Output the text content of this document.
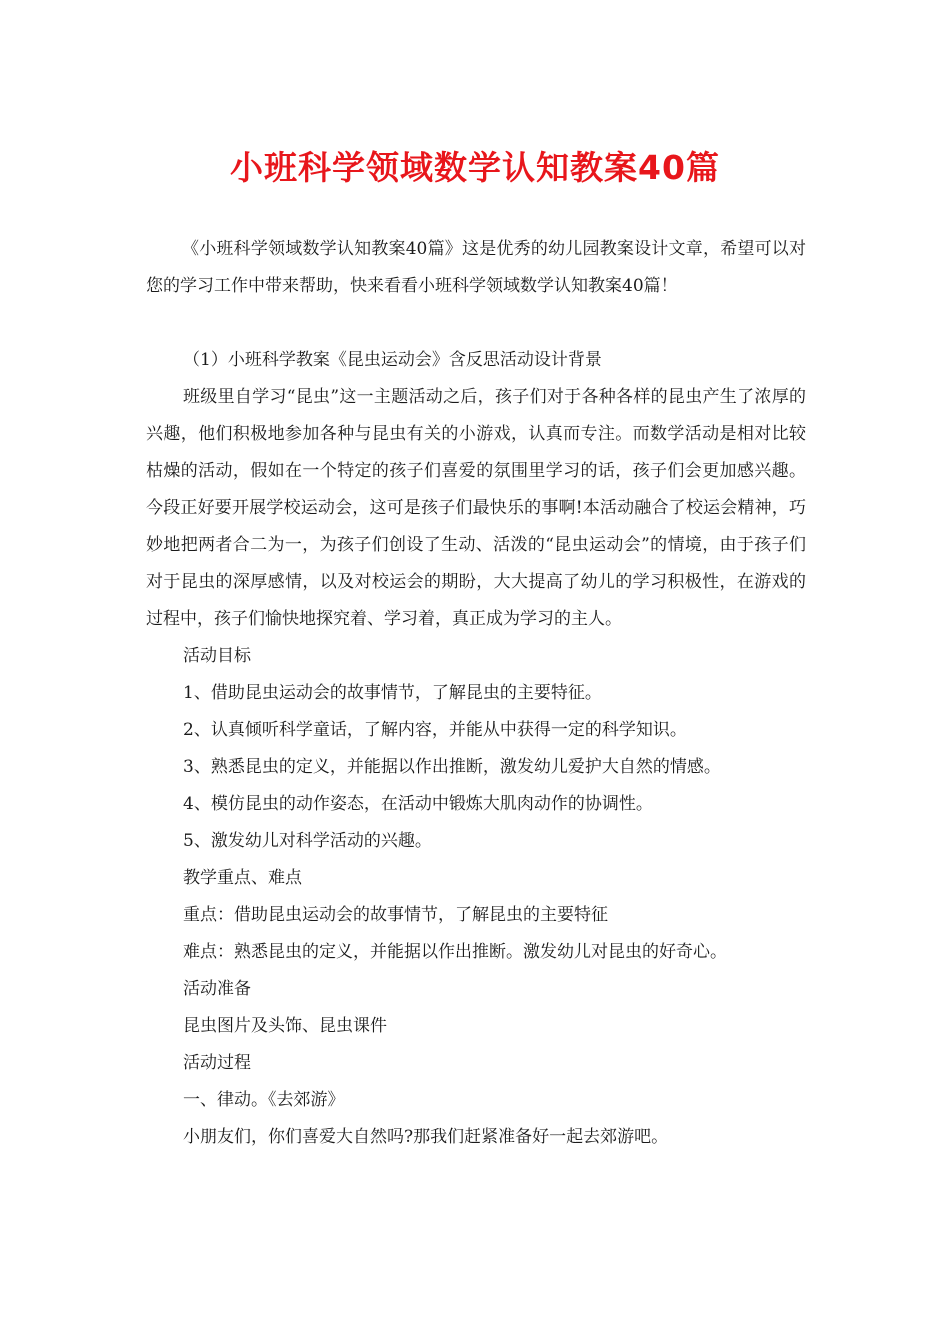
小班科学领域数学认知教案40篇

《小班科学领域数学认知教案40篇》这是优秀的幼儿园教案设计文章，希望可以对您的学习工作中带来帮助，快来看看小班科学领域数学认知教案40篇！

（1）小班科学教案《昆虫运动会》含反思活动设计背景

班级里自学习“昆虫”这一主题活动之后，孩子们对于各种各样的昆虫产生了浓厚的兴趣，他们积极地参加各种与昆虫有关的小游戏，认真而专注。而数学活动是相对比较枯燥的活动，假如在一个特定的孩子们喜爱的氛围里学习的话，孩子们会更加感兴趣。今段正好要开展学校运动会，这可是孩子们最快乐的事啊!本活动融合了校运会精神，巧妙地把两者合二为一，为孩子们创设了生动、活泼的“昆虫运动会”的情境，由于孩子们对于昆虫的深厚感情，以及对校运会的期盼，大大提高了幼儿的学习积极性，在游戏的过程中，孩子们愉快地探究着、学习着，真正成为学习的主人。

活动目标
1、借助昆虫运动会的故事情节，了解昆虫的主要特征。
2、认真倾听科学童话，了解内容，并能从中获得一定的科学知识。
3、熟悉昆虫的定义，并能据以作出推断，激发幼儿爱护大自然的情感。
4、模仿昆虫的动作姿态，在活动中锻炼大肌肉动作的协调性。
5、激发幼儿对科学活动的兴趣。
教学重点、难点
重点：借助昆虫运动会的故事情节，了解昆虫的主要特征
难点：熟悉昆虫的定义，并能据以作出推断。激发幼儿对昆虫的好奇心。
活动准备
昆虫图片及头饰、昆虫课件
活动过程
一、律动。《去郊游》
小朋友们，你们喜爱大自然吗?那我们赶紧准备好一起去郊游吧。
